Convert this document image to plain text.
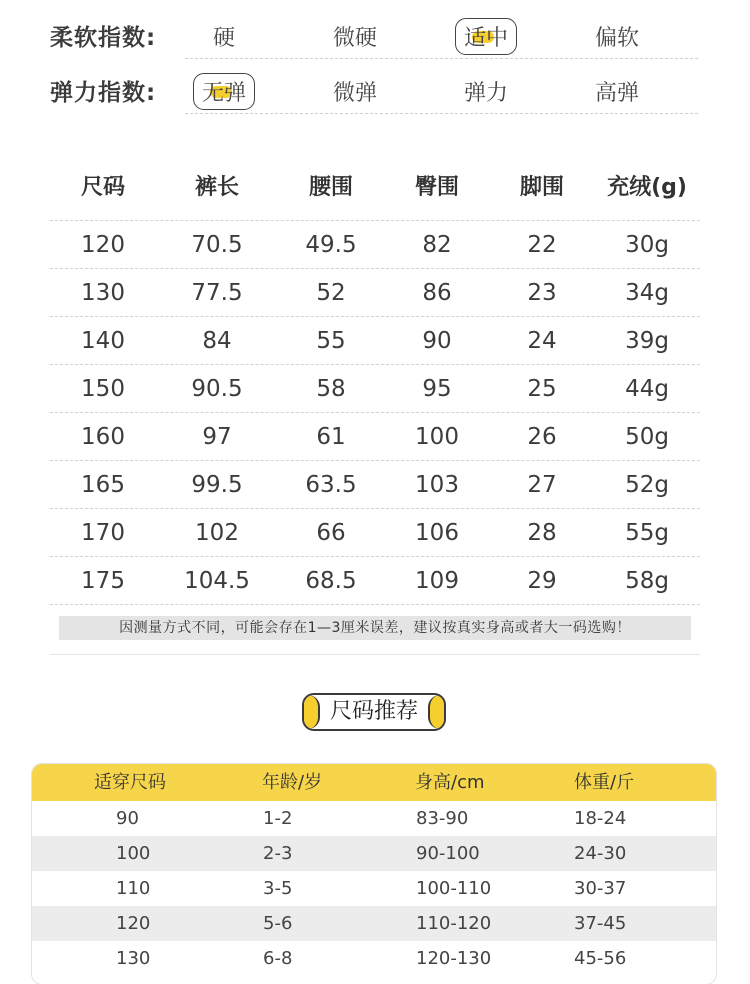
柔软指数:	硬	微硬	适中	偏软
弹力指数:	无弹	微弹	弹力	高弹
尺码	裤长	腰围	臀围	脚围	充绒(g)
120	70.5	49.5	82	22	30g
130	77.5	52	86	23	34g
140	84	55	90	24	39g
150	90.5	58	95	25	44g
160	97	61	100	26	50g
165	99.5	63.5	103	27	52g
170	102	66	106	28	55g
175	104.5	68.5	109	29	58g
因测量方式不同，可能会存在1—3厘米误差，建议按真实身高或者大一码选购！
尺码推荐
适穿尺码	年龄/岁	身高/cm	体重/斤
90	1-2	83-90	18-24
100	2-3	90-100	24-30
110	3-5	100-110	30-37
120	5-6	110-120	37-45
130	6-8	120-130	45-56
